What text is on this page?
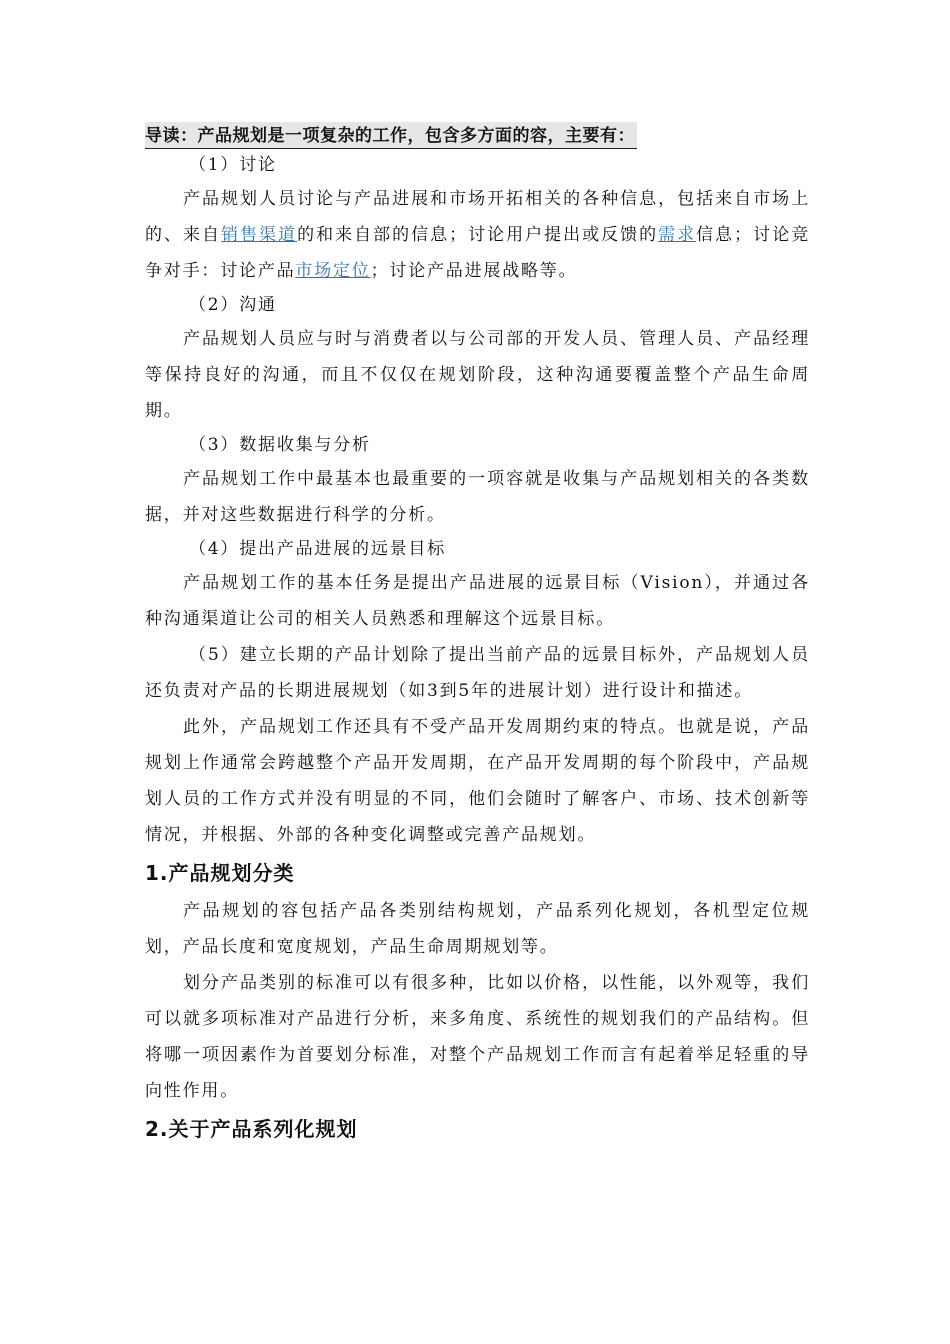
导读：产品规划是一项复杂的工作，包含多方面的容，主要有：

（1）讨论

产品规划人员讨论与产品进展和市场开拓相关的各种信息，包括来自市场上的、来自销售渠道的和来自部的信息；讨论用户提出或反馈的需求信息；讨论竞争对手：讨论产品市场定位；讨论产品进展战略等。

（2）沟通

产品规划人员应与时与消费者以与公司部的开发人员、管理人员、产品经理等保持良好的沟通，而且不仅仅在规划阶段，这种沟通要覆盖整个产品生命周期。

（3）数据收集与分析

产品规划工作中最基本也最重要的一项容就是收集与产品规划相关的各类数据，并对这些数据进行科学的分析。

（4）提出产品进展的远景目标

产品规划工作的基本任务是提出产品进展的远景目标（Vision），并通过各种沟通渠道让公司的相关人员熟悉和理解这个远景目标。

（5）建立长期的产品计划除了提出当前产品的远景目标外，产品规划人员还负责对产品的长期进展规划（如3到5年的进展计划）进行设计和描述。

此外，产品规划工作还具有不受产品开发周期约束的特点。也就是说，产品规划上作通常会跨越整个产品开发周期，在产品开发周期的每个阶段中，产品规划人员的工作方式并没有明显的不同，他们会随时了解客户、市场、技术创新等情况，并根据、外部的各种变化调整或完善产品规划。

1.产品规划分类

产品规划的容包括产品各类别结构规划，产品系列化规划，各机型定位规划，产品长度和宽度规划，产品生命周期规划等。

划分产品类别的标准可以有很多种，比如以价格，以性能，以外观等，我们可以就多项标准对产品进行分析，来多角度、系统性的规划我们的产品结构。但将哪一项因素作为首要划分标准，对整个产品规划工作而言有起着举足轻重的导向性作用。

2.关于产品系列化规划
